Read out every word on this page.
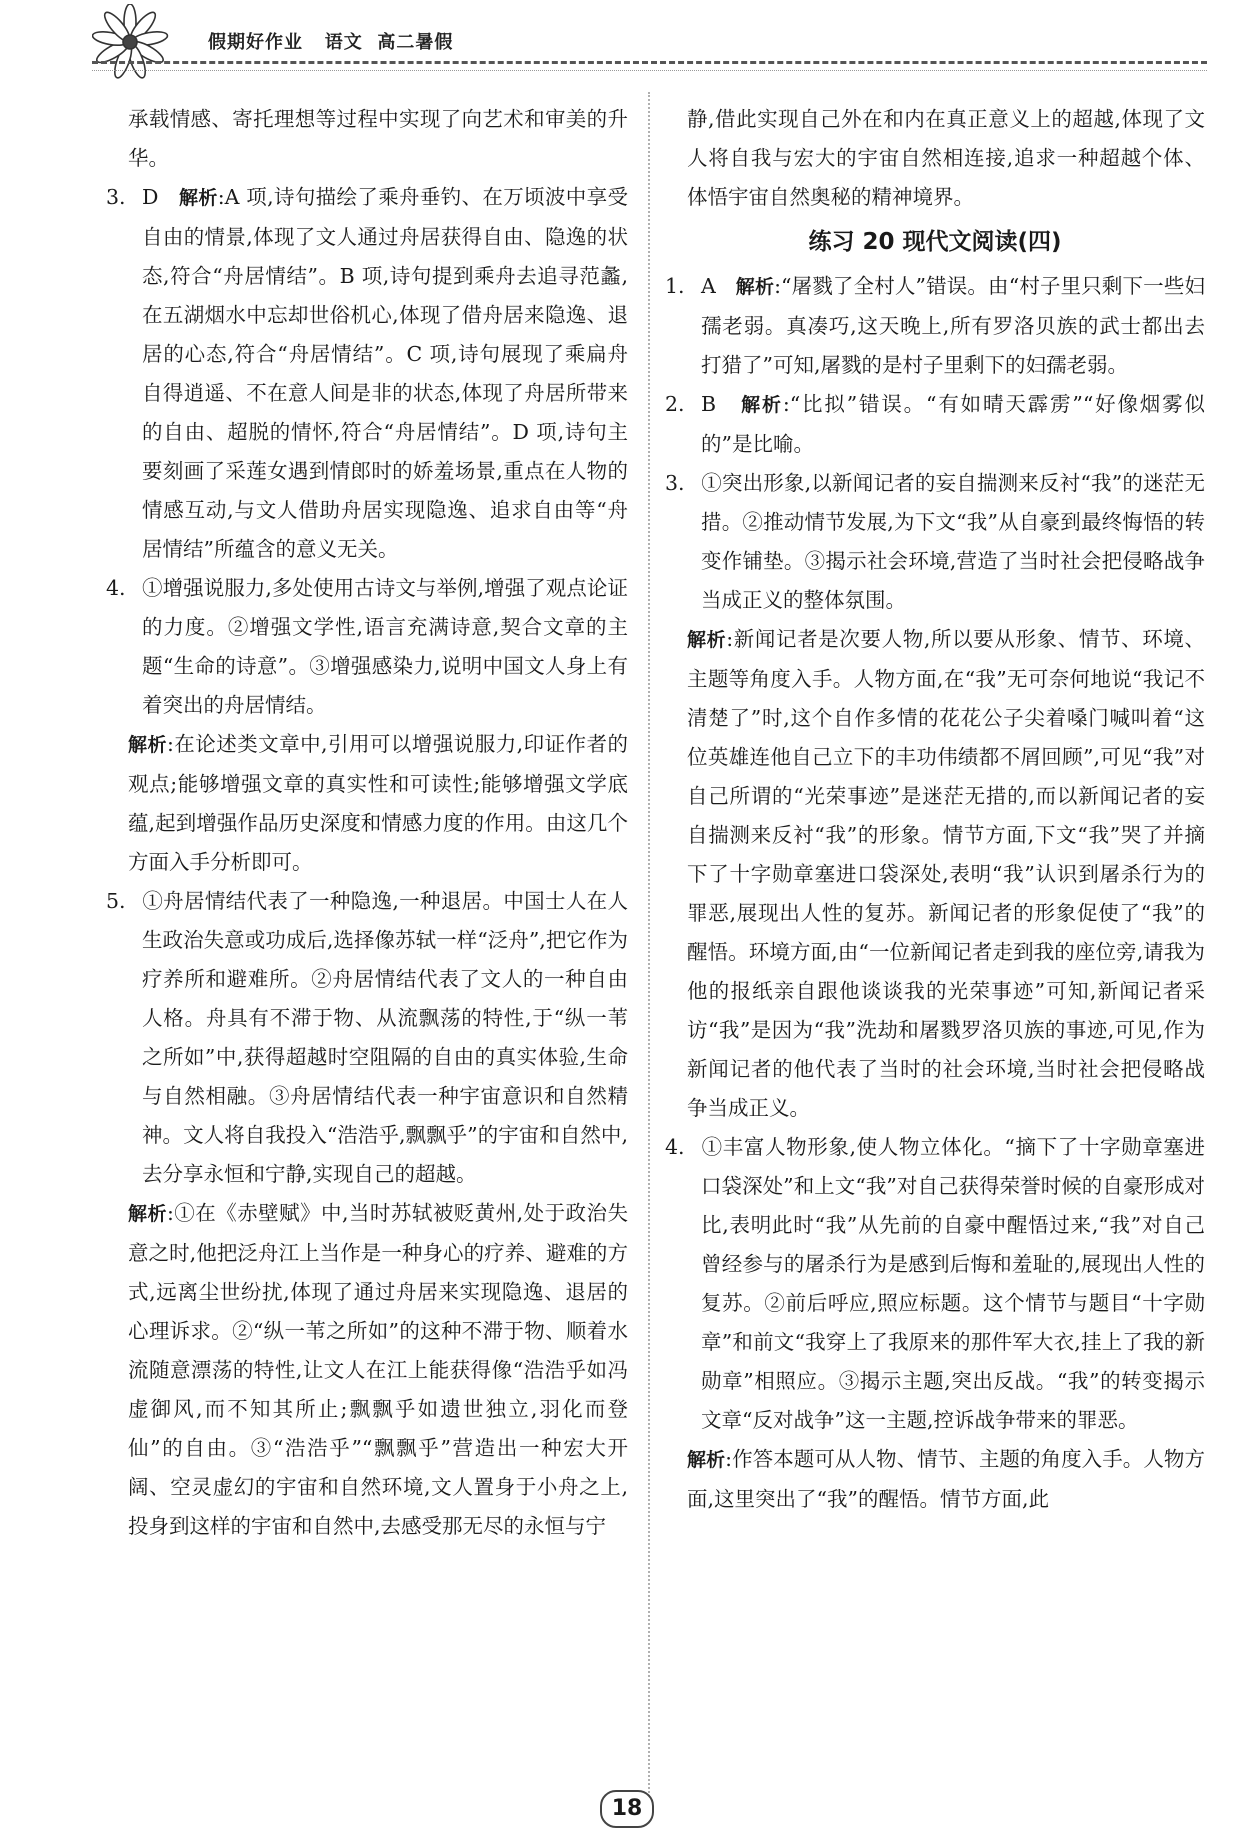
假期好作业   语文  高二暑假

承载情感、寄托理想等过程中实现了向艺术和审美的升华。

3. D 解析:A 项,诗句描绘了乘舟垂钓、在万顷波中享受自由的情景,体现了文人通过舟居获得自由、隐逸的状态,符合“舟居情结”。B 项,诗句提到乘舟去追寻范蠡,在五湖烟水中忘却世俗机心,体现了借舟居来隐逸、退居的心态,符合“舟居情结”。C 项,诗句展现了乘扁舟自得逍遥、不在意人间是非的状态,体现了舟居所带来的自由、超脱的情怀,符合“舟居情结”。D 项,诗句主要刻画了采莲女遇到情郎时的娇羞场景,重点在人物的情感互动,与文人借助舟居实现隐逸、追求自由等“舟居情结”所蕴含的意义无关。

4. ①增强说服力,多处使用古诗文与举例,增强了观点论证的力度。②增强文学性,语言充满诗意,契合文章的主题“生命的诗意”。③增强感染力,说明中国文人身上有着突出的舟居情结。

解析:在论述类文章中,引用可以增强说服力,印证作者的观点;能够增强文章的真实性和可读性;能够增强文学底蕴,起到增强作品历史深度和情感力度的作用。由这几个方面入手分析即可。

5. ①舟居情结代表了一种隐逸,一种退居。中国士人在人生政治失意或功成后,选择像苏轼一样“泛舟”,把它作为疗养所和避难所。②舟居情结代表了文人的一种自由人格。舟具有不滞于物、从流飘荡的特性,于“纵一苇之所如”中,获得超越时空阻隔的自由的真实体验,生命与自然相融。③舟居情结代表一种宇宙意识和自然精神。文人将自我投入“浩浩乎,飘飘乎”的宇宙和自然中,去分享永恒和宁静,实现自己的超越。

解析:①在《赤壁赋》中,当时苏轼被贬黄州,处于政治失意之时,他把泛舟江上当作是一种身心的疗养、避难的方式,远离尘世纷扰,体现了通过舟居来实现隐逸、退居的心理诉求。②“纵一苇之所如”的这种不滞于物、顺着水流随意漂荡的特性,让文人在江上能获得像“浩浩乎如冯虚御风,而不知其所止;飘飘乎如遗世独立,羽化而登仙”的自由。③“浩浩乎”“飘飘乎”营造出一种宏大开阔、空灵虚幻的宇宙和自然环境,文人置身于小舟之上,投身到这样的宇宙和自然中,去感受那无尽的永恒与宁

静,借此实现自己外在和内在真正意义上的超越,体现了文人将自我与宏大的宇宙自然相连接,追求一种超越个体、体悟宇宙自然奥秘的精神境界。

练习 20 现代文阅读(四)

1. A 解析:“屠戮了全村人”错误。由“村子里只剩下一些妇孺老弱。真凑巧,这天晚上,所有罗洛贝族的武士都出去打猎了”可知,屠戮的是村子里剩下的妇孺老弱。

2. B 解析:“比拟”错误。“有如晴天霹雳”“好像烟雾似的”是比喻。

3. ①突出形象,以新闻记者的妄自揣测来反衬“我”的迷茫无措。②推动情节发展,为下文“我”从自豪到最终悔悟的转变作铺垫。③揭示社会环境,营造了当时社会把侵略战争当成正义的整体氛围。

解析:新闻记者是次要人物,所以要从形象、情节、环境、主题等角度入手。人物方面,在“我”无可奈何地说“我记不清楚了”时,这个自作多情的花花公子尖着嗓门喊叫着“这位英雄连他自己立下的丰功伟绩都不屑回顾”,可见“我”对自己所谓的“光荣事迹”是迷茫无措的,而以新闻记者的妄自揣测来反衬“我”的形象。情节方面,下文“我”哭了并摘下了十字勋章塞进口袋深处,表明“我”认识到屠杀行为的罪恶,展现出人性的复苏。新闻记者的形象促使了“我”的醒悟。环境方面,由“一位新闻记者走到我的座位旁,请我为他的报纸亲自跟他谈谈我的光荣事迹”可知,新闻记者采访“我”是因为“我”洗劫和屠戮罗洛贝族的事迹,可见,作为新闻记者的他代表了当时的社会环境,当时社会把侵略战争当成正义。

4. ①丰富人物形象,使人物立体化。“摘下了十字勋章塞进口袋深处”和上文“我”对自己获得荣誉时候的自豪形成对比,表明此时“我”从先前的自豪中醒悟过来,“我”对自己曾经参与的屠杀行为是感到后悔和羞耻的,展现出人性的复苏。②前后呼应,照应标题。这个情节与题目“十字勋章”和前文“我穿上了我原来的那件军大衣,挂上了我的新勋章”相照应。③揭示主题,突出反战。“我”的转变揭示文章“反对战争”这一主题,控诉战争带来的罪恶。

解析:作答本题可从人物、情节、主题的角度入手。人物方面,这里突出了“我”的醒悟。情节方面,此

18
